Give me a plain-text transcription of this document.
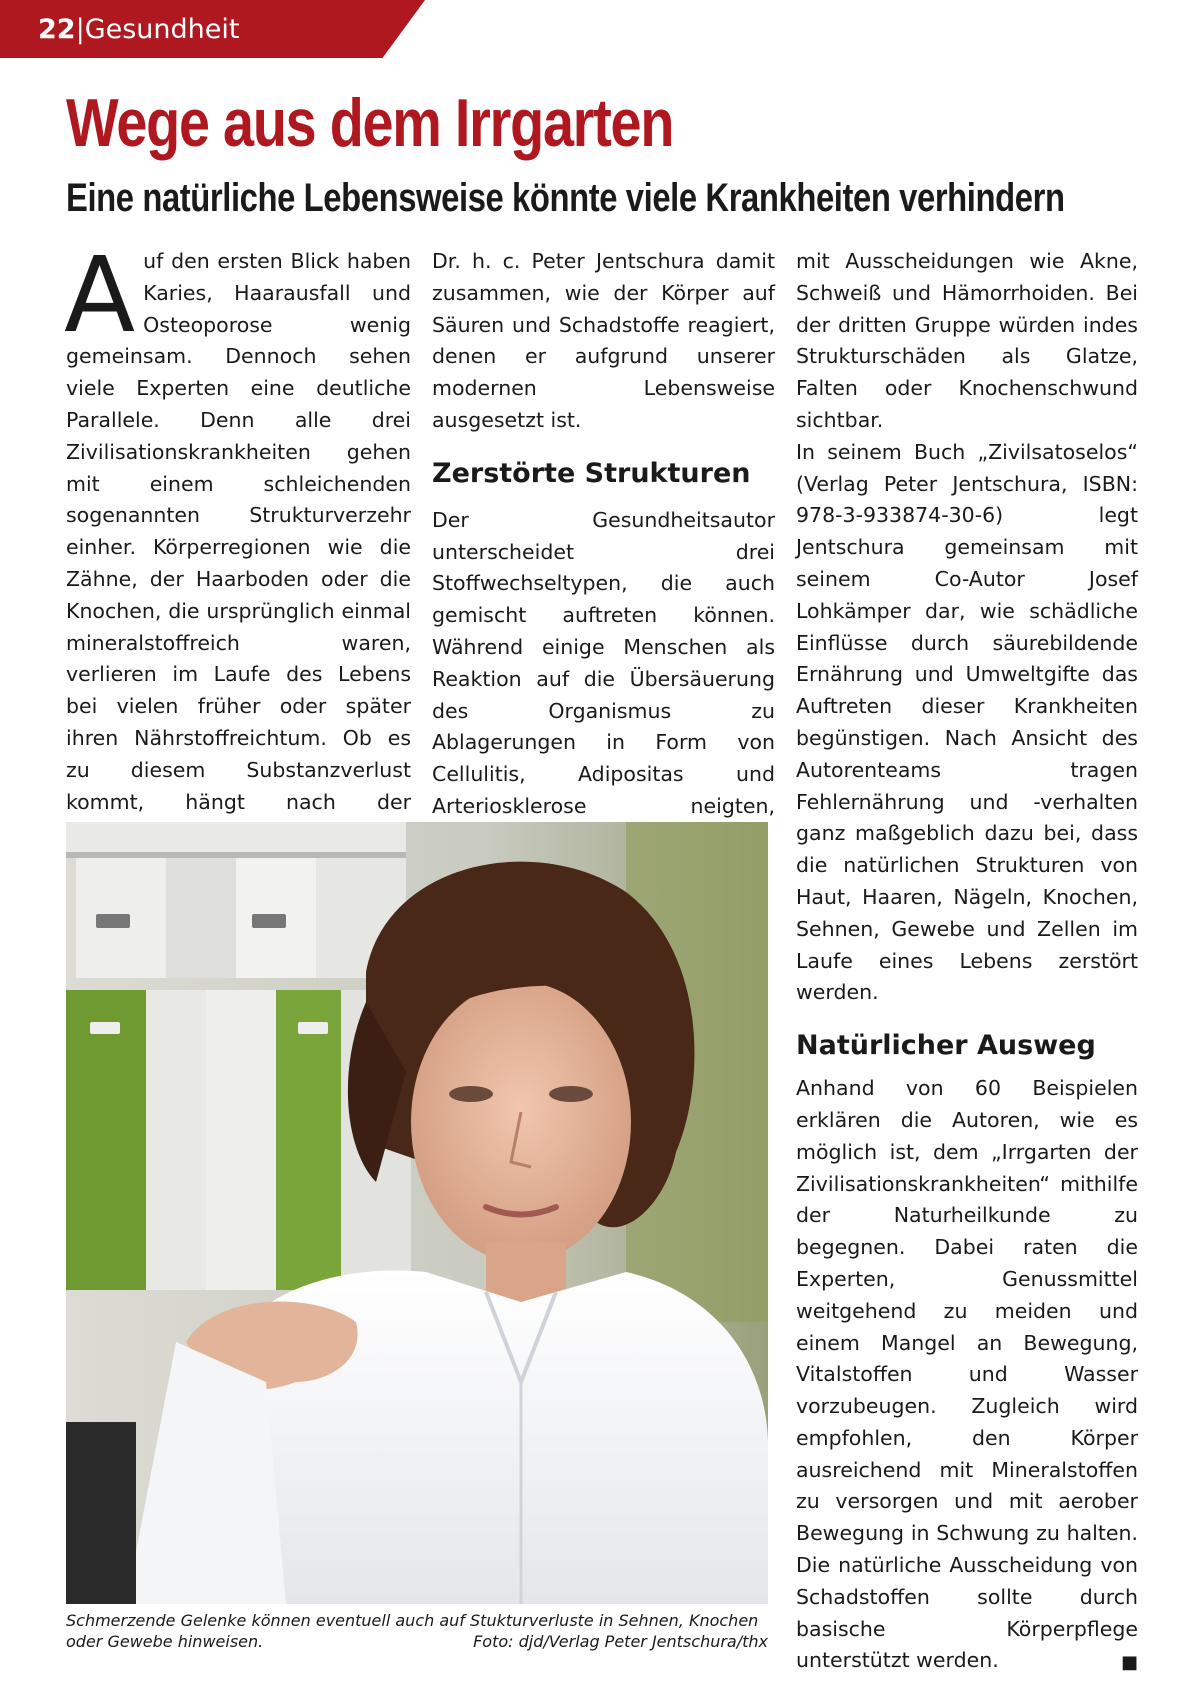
22|Gesundheit
Wege aus dem Irrgarten
Eine natürliche Lebensweise könnte viele Krankheiten verhindern
A uf den ersten Blick haben Karies, Haarausfall und Osteoporose wenig gemeinsam. Dennoch sehen viele Experten eine deutliche Parallele. Denn alle drei Zivilisationskrankheiten gehen mit einem schleichenden sogenannten Strukturverzehr einher. Körperregionen wie die Zähne, der Haarboden oder die Knochen, die ursprünglich einmal mineralstoffreich waren, verlieren im Laufe des Lebens bei vielen früher oder später ihren Nährstoffreichtum. Ob es zu diesem Substanzverlust kommt, hängt nach der
Dr. h. c. Peter Jentschura damit zusammen, wie der Körper auf Säuren und Schadstoffe reagiert, denen er aufgrund unserer modernen Lebensweise ausgesetzt ist.
Zerstörte Strukturen
Der Gesundheitsautor unterscheidet drei Stoffwechseltypen, die auch gemischt auftreten können. Während einige Menschen als Reaktion auf die Übersäuerung des Organismus zu Ablagerungen in Form von Cellulitis, Adipositas und Arteriosklerose neigten,
mit Ausscheidungen wie Akne, Schweiß und Hämorrhoiden. Bei der dritten Gruppe würden indes Strukturschäden als Glatze, Falten oder Knochenschwund sichtbar.
In seinem Buch „Zivilsatoselos“ (Verlag Peter Jentschura, ISBN: 978-3-933874-30-6) legt Jentschura gemeinsam mit seinem Co-Autor Josef Lohkämper dar, wie schädliche Einflüsse durch säurebildende Ernährung und Umweltgifte das Auftreten dieser Krankheiten begünstigen. Nach Ansicht des Autorenteams tragen Fehlernährung und -verhalten ganz maßgeblich dazu bei, dass die natürlichen Strukturen von Haut, Haaren, Nägeln, Knochen, Sehnen, Gewebe und Zellen im Laufe eines Lebens zerstört werden.
Natürlicher Ausweg
Anhand von 60 Beispielen erklären die Autoren, wie es möglich ist, dem „Irrgarten der Zivilisationskrankheiten“ mithilfe der Naturheilkunde zu begegnen. Dabei raten die Experten, Genussmittel weitgehend zu meiden und einem Mangel an Bewegung, Vitalstoffen und Wasser vorzubeugen. Zugleich wird empfohlen, den Körper ausreichend mit Mineralstoffen zu versorgen und mit aerober Bewegung in Schwung zu halten. Die natürliche Ausscheidung von Schadstoffen sollte durch basische Körperpflege unterstützt werden.	■
Schmerzende Gelenke können eventuell auch auf Stukturverluste in Sehnen, Knochen oder Gewebe hinweisen.	Foto: djd/Verlag Peter Jentschura/thx
